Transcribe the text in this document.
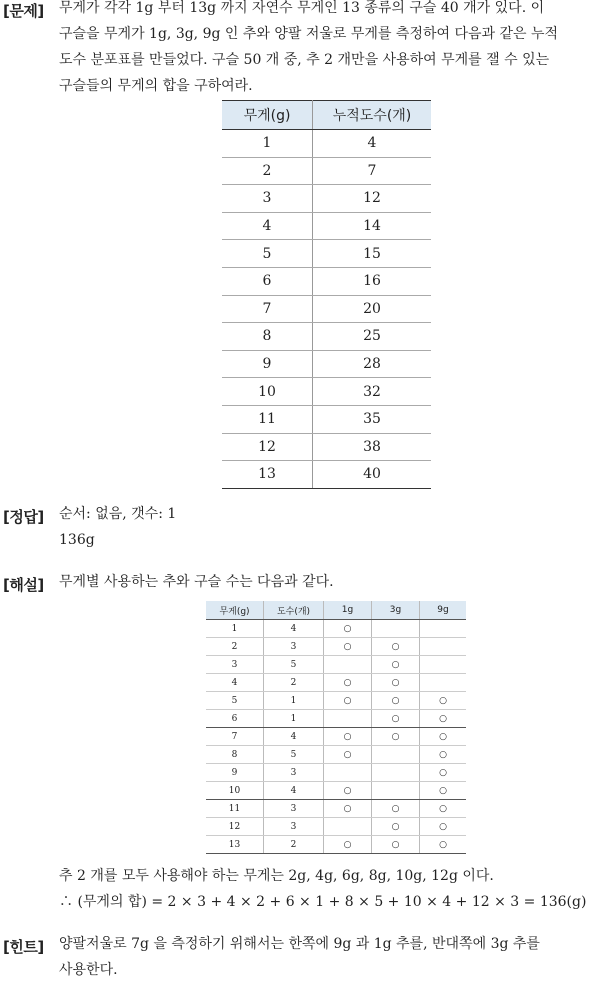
[문제] 무게가 각각 1g 부터 13g 까지 자연수 무게인 13 종류의 구슬 40 개가 있다. 이
구슬을 무게가 1g, 3g, 9g 인 추와 양팔 저울로 무게를 측정하여 다음과 같은 누적
도수 분포표를 만들었다. 구슬 50 개 중, 추 2 개만을 사용하여 무게를 잴 수 있는
구슬들의 무게의 합을 구하여라.
무게(g)	누적도수(개)
1	4
2	7
3	12
4	14
5	15
6	16
7	20
8	25
9	28
10	32
11	35
12	38
13	40
[정답] 순서: 없음, 갯수: 1
136g
[해설] 무게별 사용하는 추와 구슬 수는 다음과 같다.
무게(g)	도수(개)	1g	3g	9g
1	4	○		
2	3	○	○	
3	5		○	
4	2	○	○	
5	1	○	○	○
6	1		○	○
7	4	○	○	○
8	5	○		○
9	3			○
10	4	○		○
11	3	○	○	○
12	3		○	○
13	2	○	○	○
추 2 개를 모두 사용해야 하는 무게는 2g, 4g, 6g, 8g, 10g, 12g 이다.
∴ (무게의 합) = 2 × 3 + 4 × 2 + 6 × 1 + 8 × 5 + 10 × 4 + 12 × 3 = 136(g)
[힌트] 양팔저울로 7g 을 측정하기 위해서는 한쪽에 9g 과 1g 추를, 반대쪽에 3g 추를
사용한다.
